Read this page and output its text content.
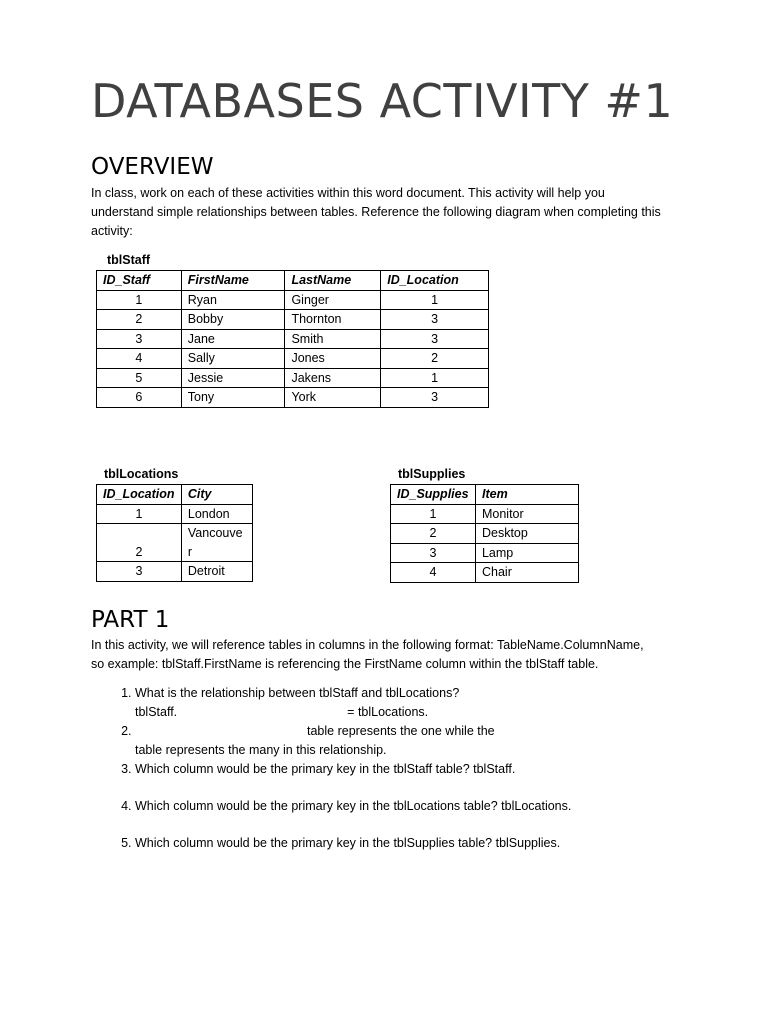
DATABASES ACTIVITY #1
OVERVIEW

In class, work on each of these activities within this word document. This activity will help you
understand simple relationships between tables. Reference the following diagram when completing this
activity:

tblStaff
ID_Staff	FirstName	LastName	ID_Location
1	Ryan	Ginger	1
2	Bobby	Thornton	3
3	Jane	Smith	3
4	Sally	Jones	2
5	Jessie	Jakens	1
6	Tony	York	3
tblLocations
ID_Location	City
1	London
2	Vancouve
r
3	Detroit
tblSupplies
ID_Supplies	Item
1	Monitor
2	Desktop
3	Lamp
4	Chair
PART 1

In this activity, we will reference tables in columns in the following format: TableName.ColumnName,
so example: tblStaff.FirstName is referencing the FirstName column within the tblStaff table.

1. What is the relationship between tblStaff and tblLocations?
tblStaff.	= tblLocations.
2. table represents the one while the
table represents the many in this relationship.
3. Which column would be the primary key in the tblStaff table? tblStaff.
4. Which column would be the primary key in the tblLocations table? tblLocations.
5. Which column would be the primary key in the tblSupplies table? tblSupplies.
